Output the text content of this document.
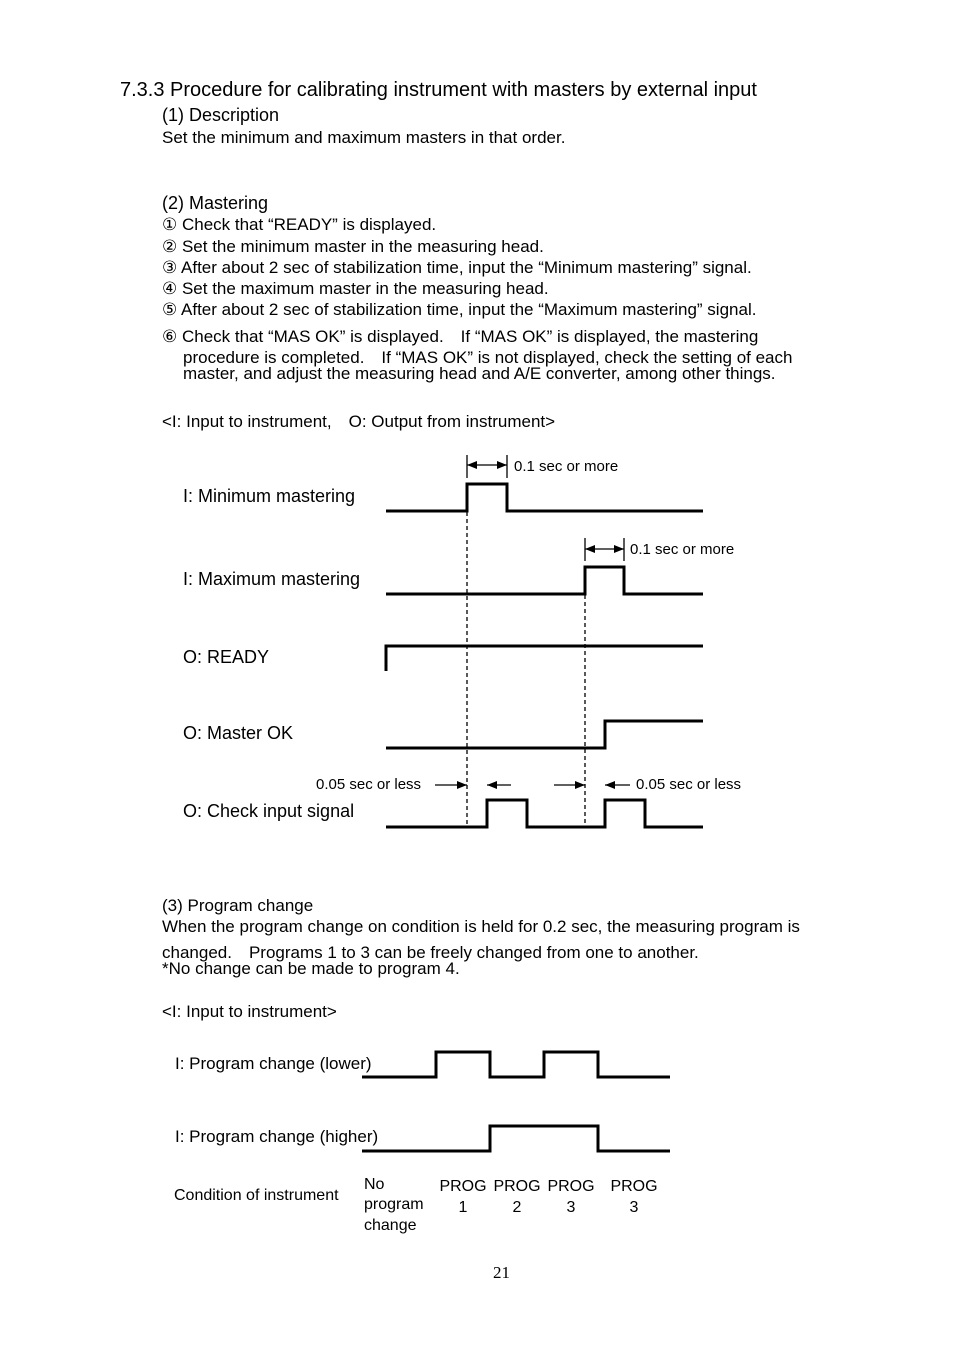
7.3.3 Procedure for calibrating instrument with masters by external input
(1) Description
Set the minimum and maximum masters in that order.
(2) Mastering
① Check that “READY” is displayed.
② Set the minimum master in the measuring head.
③ After about 2 sec of stabilization time, input the “Minimum mastering” signal.
④ Set the maximum master in the measuring head.
⑤ After about 2 sec of stabilization time, input the “Maximum mastering” signal.
⑥ Check that “MAS OK” is displayed.　If “MAS OK” is displayed, the mastering
procedure is completed.　If “MAS OK” is not displayed, check the setting of each
master, and adjust the measuring head and A/E converter, among other things.
<I: Input to instrument,　O: Output from instrument>
I: Minimum mastering
I: Maximum mastering
O: READY
O: Master OK
O: Check input signal
0.1 sec or more
0.1 sec or more
0.05 sec or less	0.05 sec or less
(3) Program change
When the program change on condition is held for 0.2 sec, the measuring program is
changed.　Programs 1 to 3 can be freely changed from one to another.
*No change can be made to program 4.
<I: Input to instrument>
I: Program change (lower)
I: Program change (higher)
Condition of instrument
No
program
change
PROG
1
PROG
2
PROG
3
PROG
3
21
